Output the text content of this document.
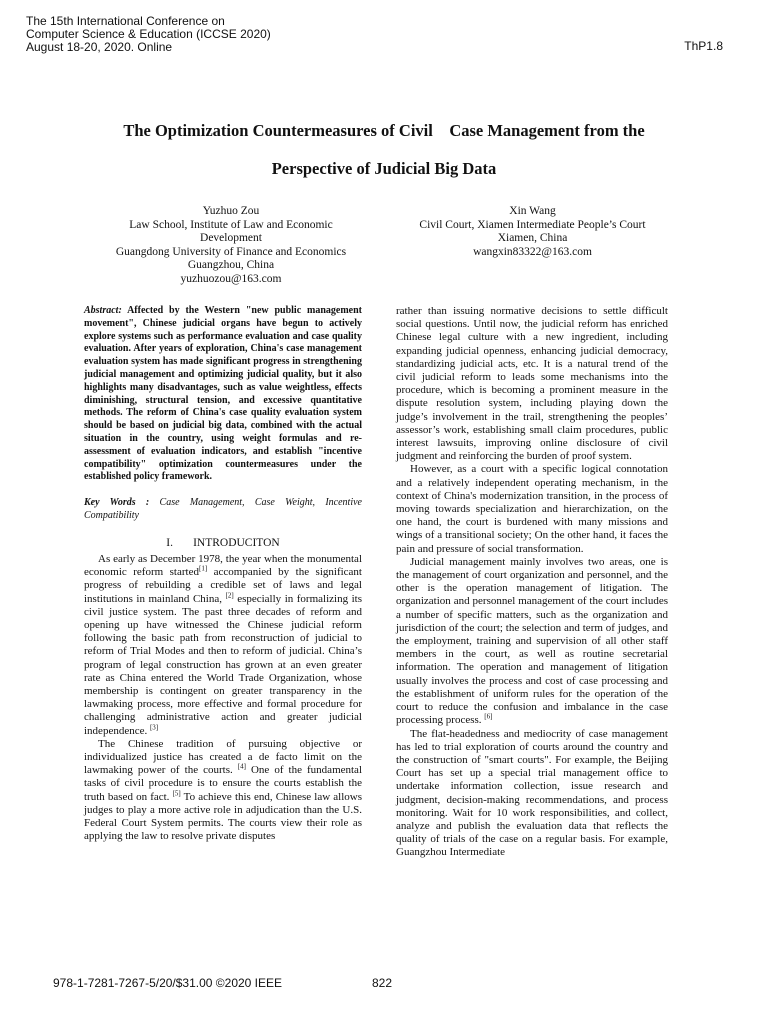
The 15th International Conference on
Computer Science & Education (ICCSE 2020)
August 18-20, 2020. Online	ThP1.8
The Optimization Countermeasures of Civil    Case Management from the
Perspective of Judicial Big Data
Yuzhuo Zou
Law School, Institute of Law and Economic
Development
Guangdong University of Finance and Economics
Guangzhou, China
yuzhuozou@163.com
Xin Wang
Civil Court, Xiamen Intermediate People’s Court
Xiamen, China
wangxin83322@163.com

Abstract: Affected by the Western "new public management movement", Chinese judicial organs have begun to actively explore systems such as performance evaluation and case quality evaluation. After years of exploration, China's case management evaluation system has made significant progress in strengthening judicial management and optimizing judicial quality, but it also highlights many disadvantages, such as value weightless, effects diminishing, structural tension, and excessive quantitative methods. The reform of China's case quality evaluation system should be based on judicial big data, combined with the actual situation in the country, using weight formulas and re-assessment of evaluation indicators, and establish "incentive compatibility" optimization countermeasures under the established policy framework.

Key Words : Case Management, Case Weight, Incentive Compatibility

I.       INTRODUCITON

As early as December 1978, the year when the monumental economic reform started[1] accompanied by the significant progress of rebuilding a credible set of laws and legal institutions in mainland China, [2] especially in formalizing its civil justice system. The past three decades of reform and opening up have witnessed the Chinese judicial reform following the basic path from reconstruction of judicial to reform of Trial Modes and then to reform of judicial. China’s program of legal construction has grown at an even greater rate as China entered the World Trade Organization, whose membership is contingent on greater transparency in the lawmaking process, more effective and formal procedure for challenging administrative action and greater judicial independence. [3]

The Chinese tradition of pursuing objective or individualized justice has created a de facto limit on the lawmaking power of the courts. [4] One of the fundamental tasks of civil procedure is to ensure the courts establish the truth based on fact. [5] To achieve this end, Chinese law allows judges to play a more active role in adjudication than the U.S. Federal Court System permits. The courts view their role as applying the law to resolve private disputes

rather than issuing normative decisions to settle difficult social questions. Until now, the judicial reform has enriched Chinese legal culture with a new ingredient, including expanding judicial openness, enhancing judicial democracy, standardizing judicial acts, etc. It is a natural trend of the civil judicial reform to leads some mechanisms into the procedure, which is becoming a prominent measure in the dispute resolution system, including playing down the judge’s involvement in the trail, strengthening the peoples’ assessor’s work, establishing small claim procedures, public interest lawsuits, improving online disclosure of civil judgment and reinforcing the burden of proof system.

However, as a court with a specific logical connotation and a relatively independent operating mechanism, in the context of China's modernization transition, in the process of moving towards specialization and hierarchization, on the one hand, the court is burdened with many missions and wings of a transitional society; On the other hand, it faces the pain and pressure of social transformation.

Judicial management mainly involves two areas, one is the management of court organization and personnel, and the other is the operation management of litigation. The organization and personnel management of the court includes a number of specific matters, such as the organization and jurisdiction of the court; the selection and term of judges, and the employment, training and supervision of all other staff members in the court, as well as routine secretarial information. The operation and management of litigation usually involves the process and cost of case processing and the establishment of uniform rules for the operation of the court to reduce the confusion and imbalance in the case processing process. [6]

The flat-headedness and mediocrity of case management has led to trial exploration of courts around the country and the construction of "smart courts". For example, the Beijing Court has set up a special trial management office to undertake information collection, issue research and judgment, decision-making recommendations, and process monitoring. Wait for 10 work responsibilities, and collect, analyze and publish the evaluation data that reflects the quality of trials of the case on a regular basis. For example, Guangzhou Intermediate

978-1-7281-7267-5/20/$31.00 ©2020 IEEE	822
